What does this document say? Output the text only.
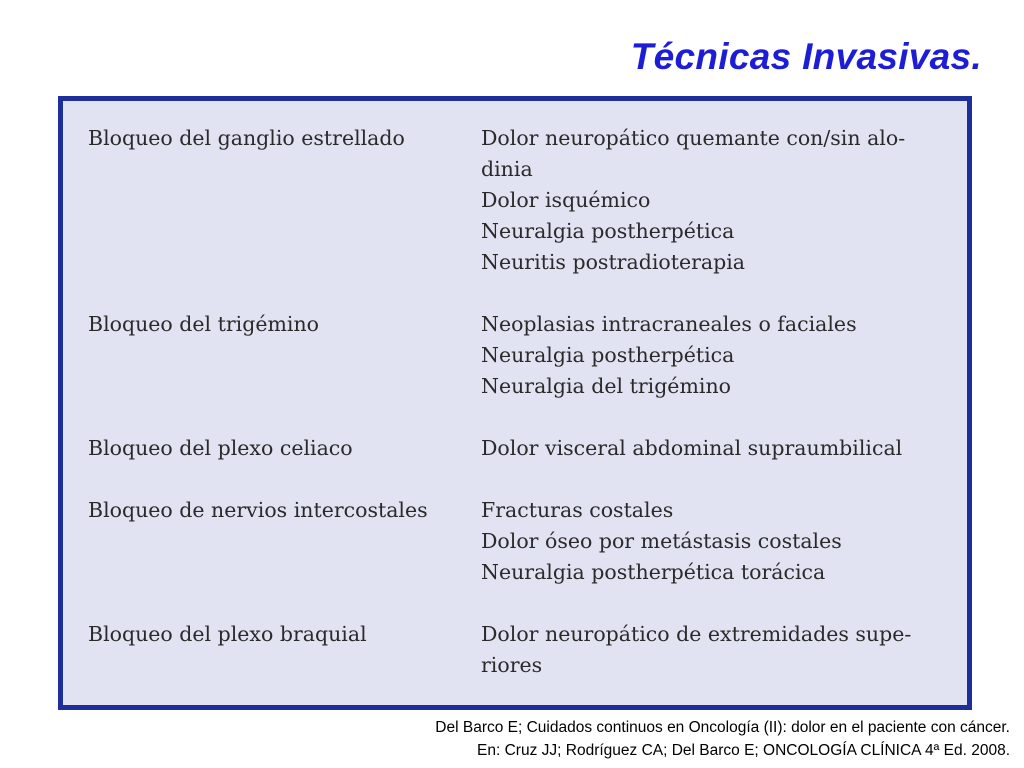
Técnicas Invasivas.
Bloqueo del ganglio estrellado	Dolor neuropático quemante con/sin alo-
dinia
Dolor isquémico
Neuralgia postherpética
Neuritis postradioterapia
Bloqueo del trigémino	Neoplasias intracraneales o faciales
Neuralgia postherpética
Neuralgia del trigémino
Bloqueo del plexo celiaco	Dolor visceral abdominal supraumbilical
Bloqueo de nervios intercostales	Fracturas costales
Dolor óseo por metástasis costales
Neuralgia postherpética torácica
Bloqueo del plexo braquial	Dolor neuropático de extremidades supe-
riores
Del Barco E; Cuidados continuos en Oncología (II): dolor en el paciente con cáncer.
En: Cruz JJ; Rodríguez CA; Del Barco E; ONCOLOGÍA CLÍNICA 4ª Ed. 2008.
